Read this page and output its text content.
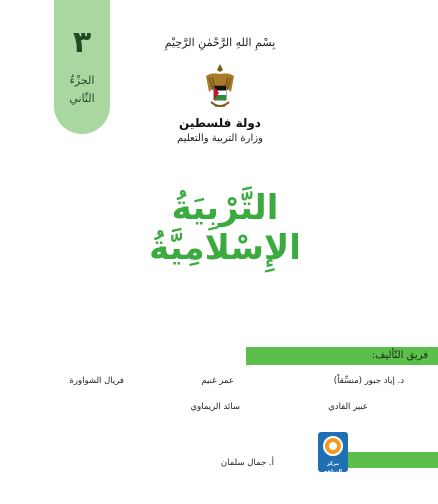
٣
الجزْءُ
الثّاني
بِسْمِ اللهِ الرَّحْمٰنِ الرَّحِيْمِ
دولة فلسطين
وزارة التربية والتعليم
التَّرْبِيَةُ الإِسْلامِيَّةُ
فريق التّأليف:
د. إياد جبور (منسِّقاً)
عمر غنيم
فريال الشواورة
عبير الفادي
سائد الريماوي
أ. جمال سلمان	مركز المناهج
